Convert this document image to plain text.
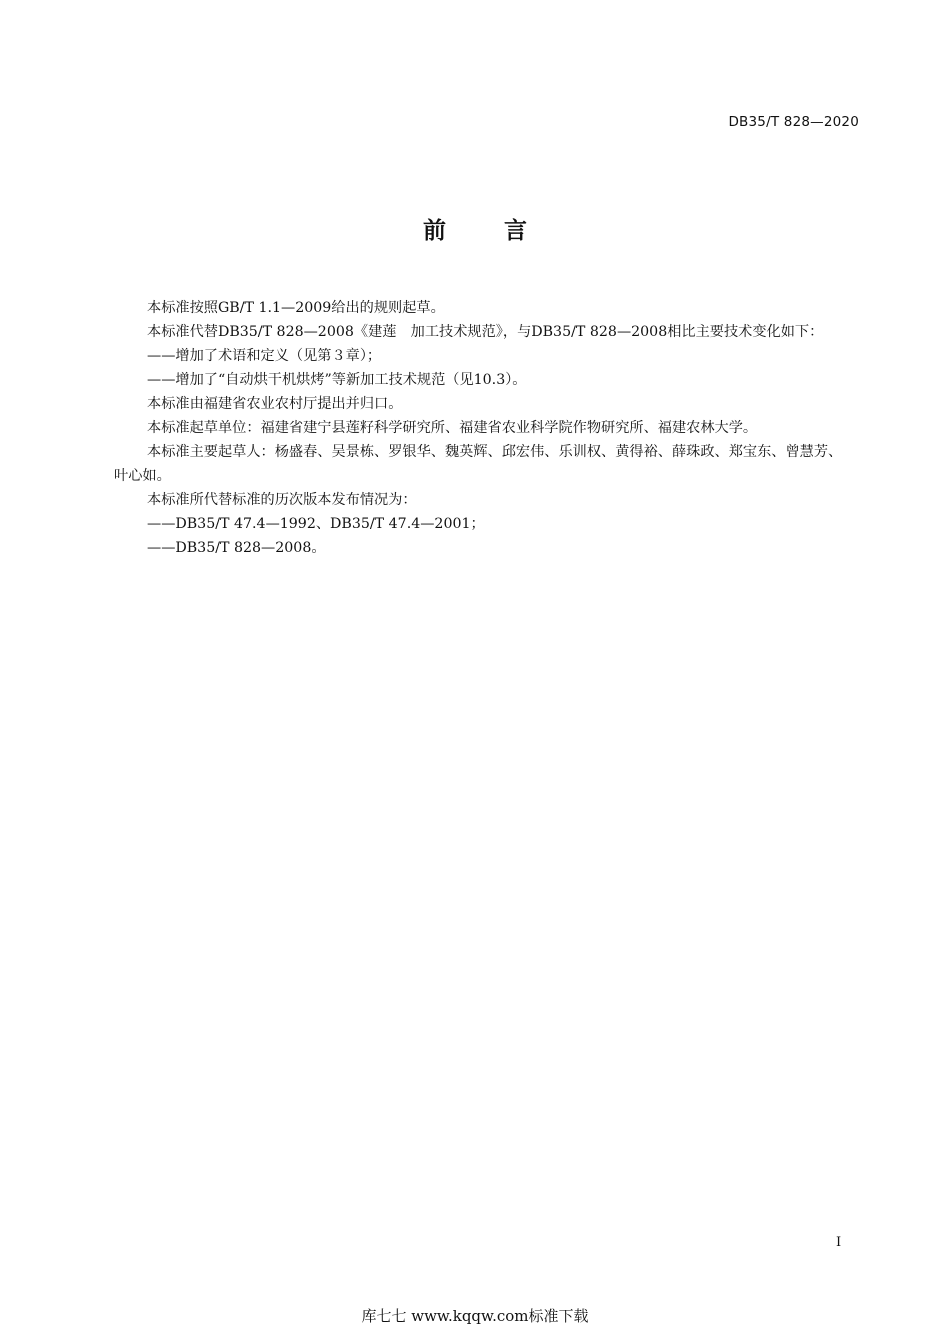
DB35/T 828—2020
前言

本标准按照GB/T 1.1—2009给出的规则起草。

本标准代替DB35/T 828—2008《建莲　加工技术规范》，与DB35/T 828—2008相比主要技术变化如下：

——增加了术语和定义（见第３章）；

——增加了“自动烘干机烘烤”等新加工技术规范（见10.3）。

本标准由福建省农业农村厅提出并归口。

本标准起草单位：福建省建宁县莲籽科学研究所、福建省农业科学院作物研究所、福建农林大学。

本标准主要起草人：杨盛春、吴景栋、罗银华、魏英辉、邱宏伟、乐训权、黄得裕、薛珠政、郑宝东、曾慧芳、叶心如。

本标准所代替标准的历次版本发布情况为：

——DB35/T 47.4—1992、DB35/T 47.4—2001；

——DB35/T 828—2008。

I
库七七 www.kqqw.com标准下载
